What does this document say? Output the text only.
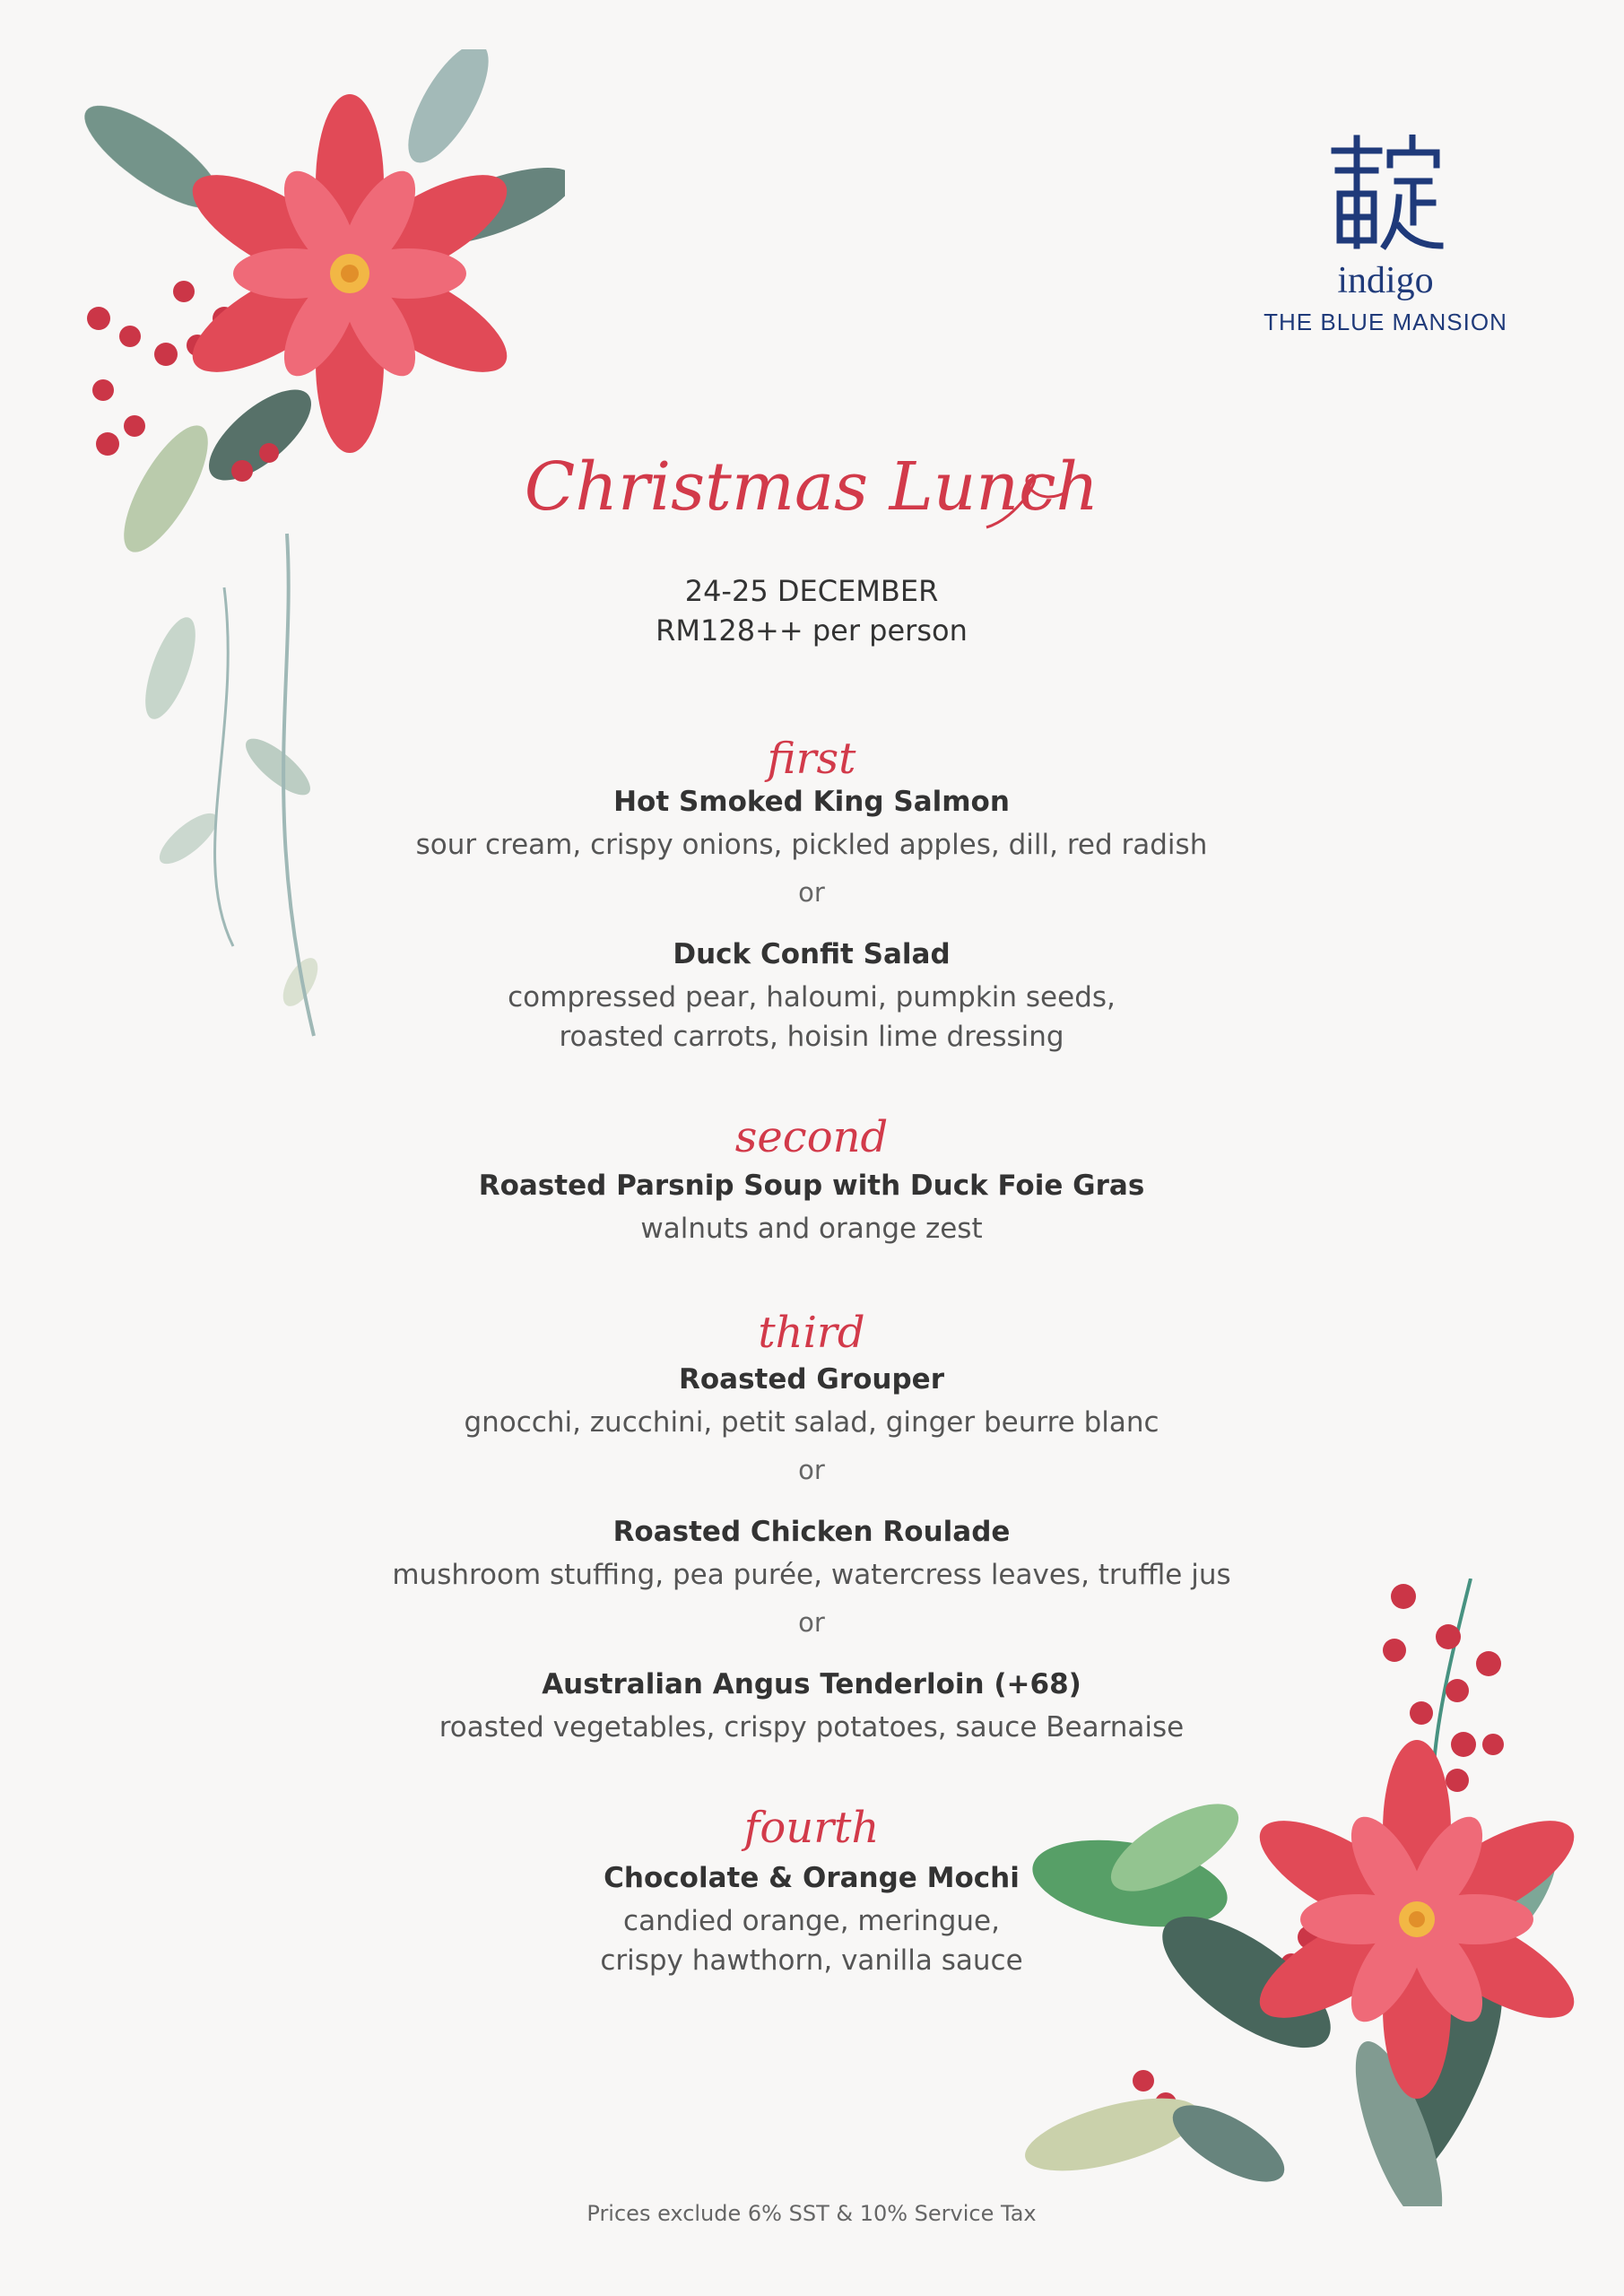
indigo
THE BLUE MANSION
Christmas Lunch
24-25 DECEMBER
RM128++ per person
first
Hot Smoked King Salmon
sour cream, crispy onions, pickled apples, dill, red radish
or
Duck Confit Salad
compressed pear, haloumi, pumpkin seeds,
roasted carrots, hoisin lime dressing
second
Roasted Parsnip Soup with Duck Foie Gras
walnuts and orange zest
third
Roasted Grouper
gnocchi, zucchini, petit salad, ginger beurre blanc
or
Roasted Chicken Roulade
mushroom stuffing, pea purée, watercress leaves, truffle jus
or
Australian Angus Tenderloin (+68)
roasted vegetables, crispy potatoes, sauce Bearnaise
fourth
Chocolate & Orange Mochi
candied orange, meringue,
crispy hawthorn, vanilla sauce
Prices exclude 6% SST & 10% Service Tax
